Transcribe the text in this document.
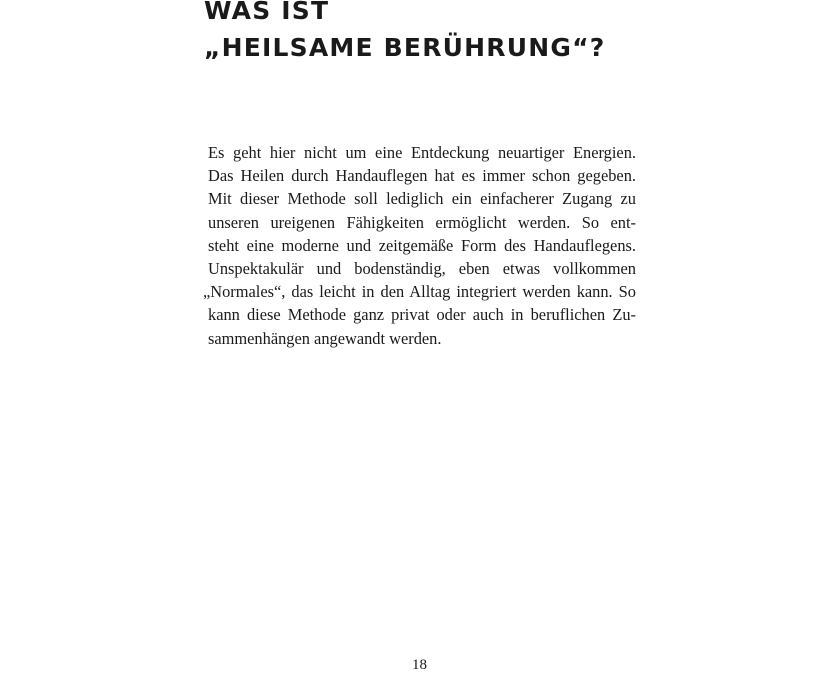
WAS IST
„HEILSAME BERÜHRUNG“?
Es geht hier nicht um eine Entdeckung neuartiger Energien.
Das Heilen durch Handauflegen hat es immer schon gegeben.
Mit dieser Methode soll lediglich ein einfacherer Zugang zu
unseren ureigenen Fähigkeiten ermöglicht werden. So ent-
steht eine moderne und zeitgemäße Form des Handauflegens.
Unspektakulär und bodenständig, eben etwas vollkommen
„Normales“, das leicht in den Alltag integriert werden kann. So
kann diese Methode ganz privat oder auch in beruflichen Zu-
sammenhängen angewandt werden.
18
